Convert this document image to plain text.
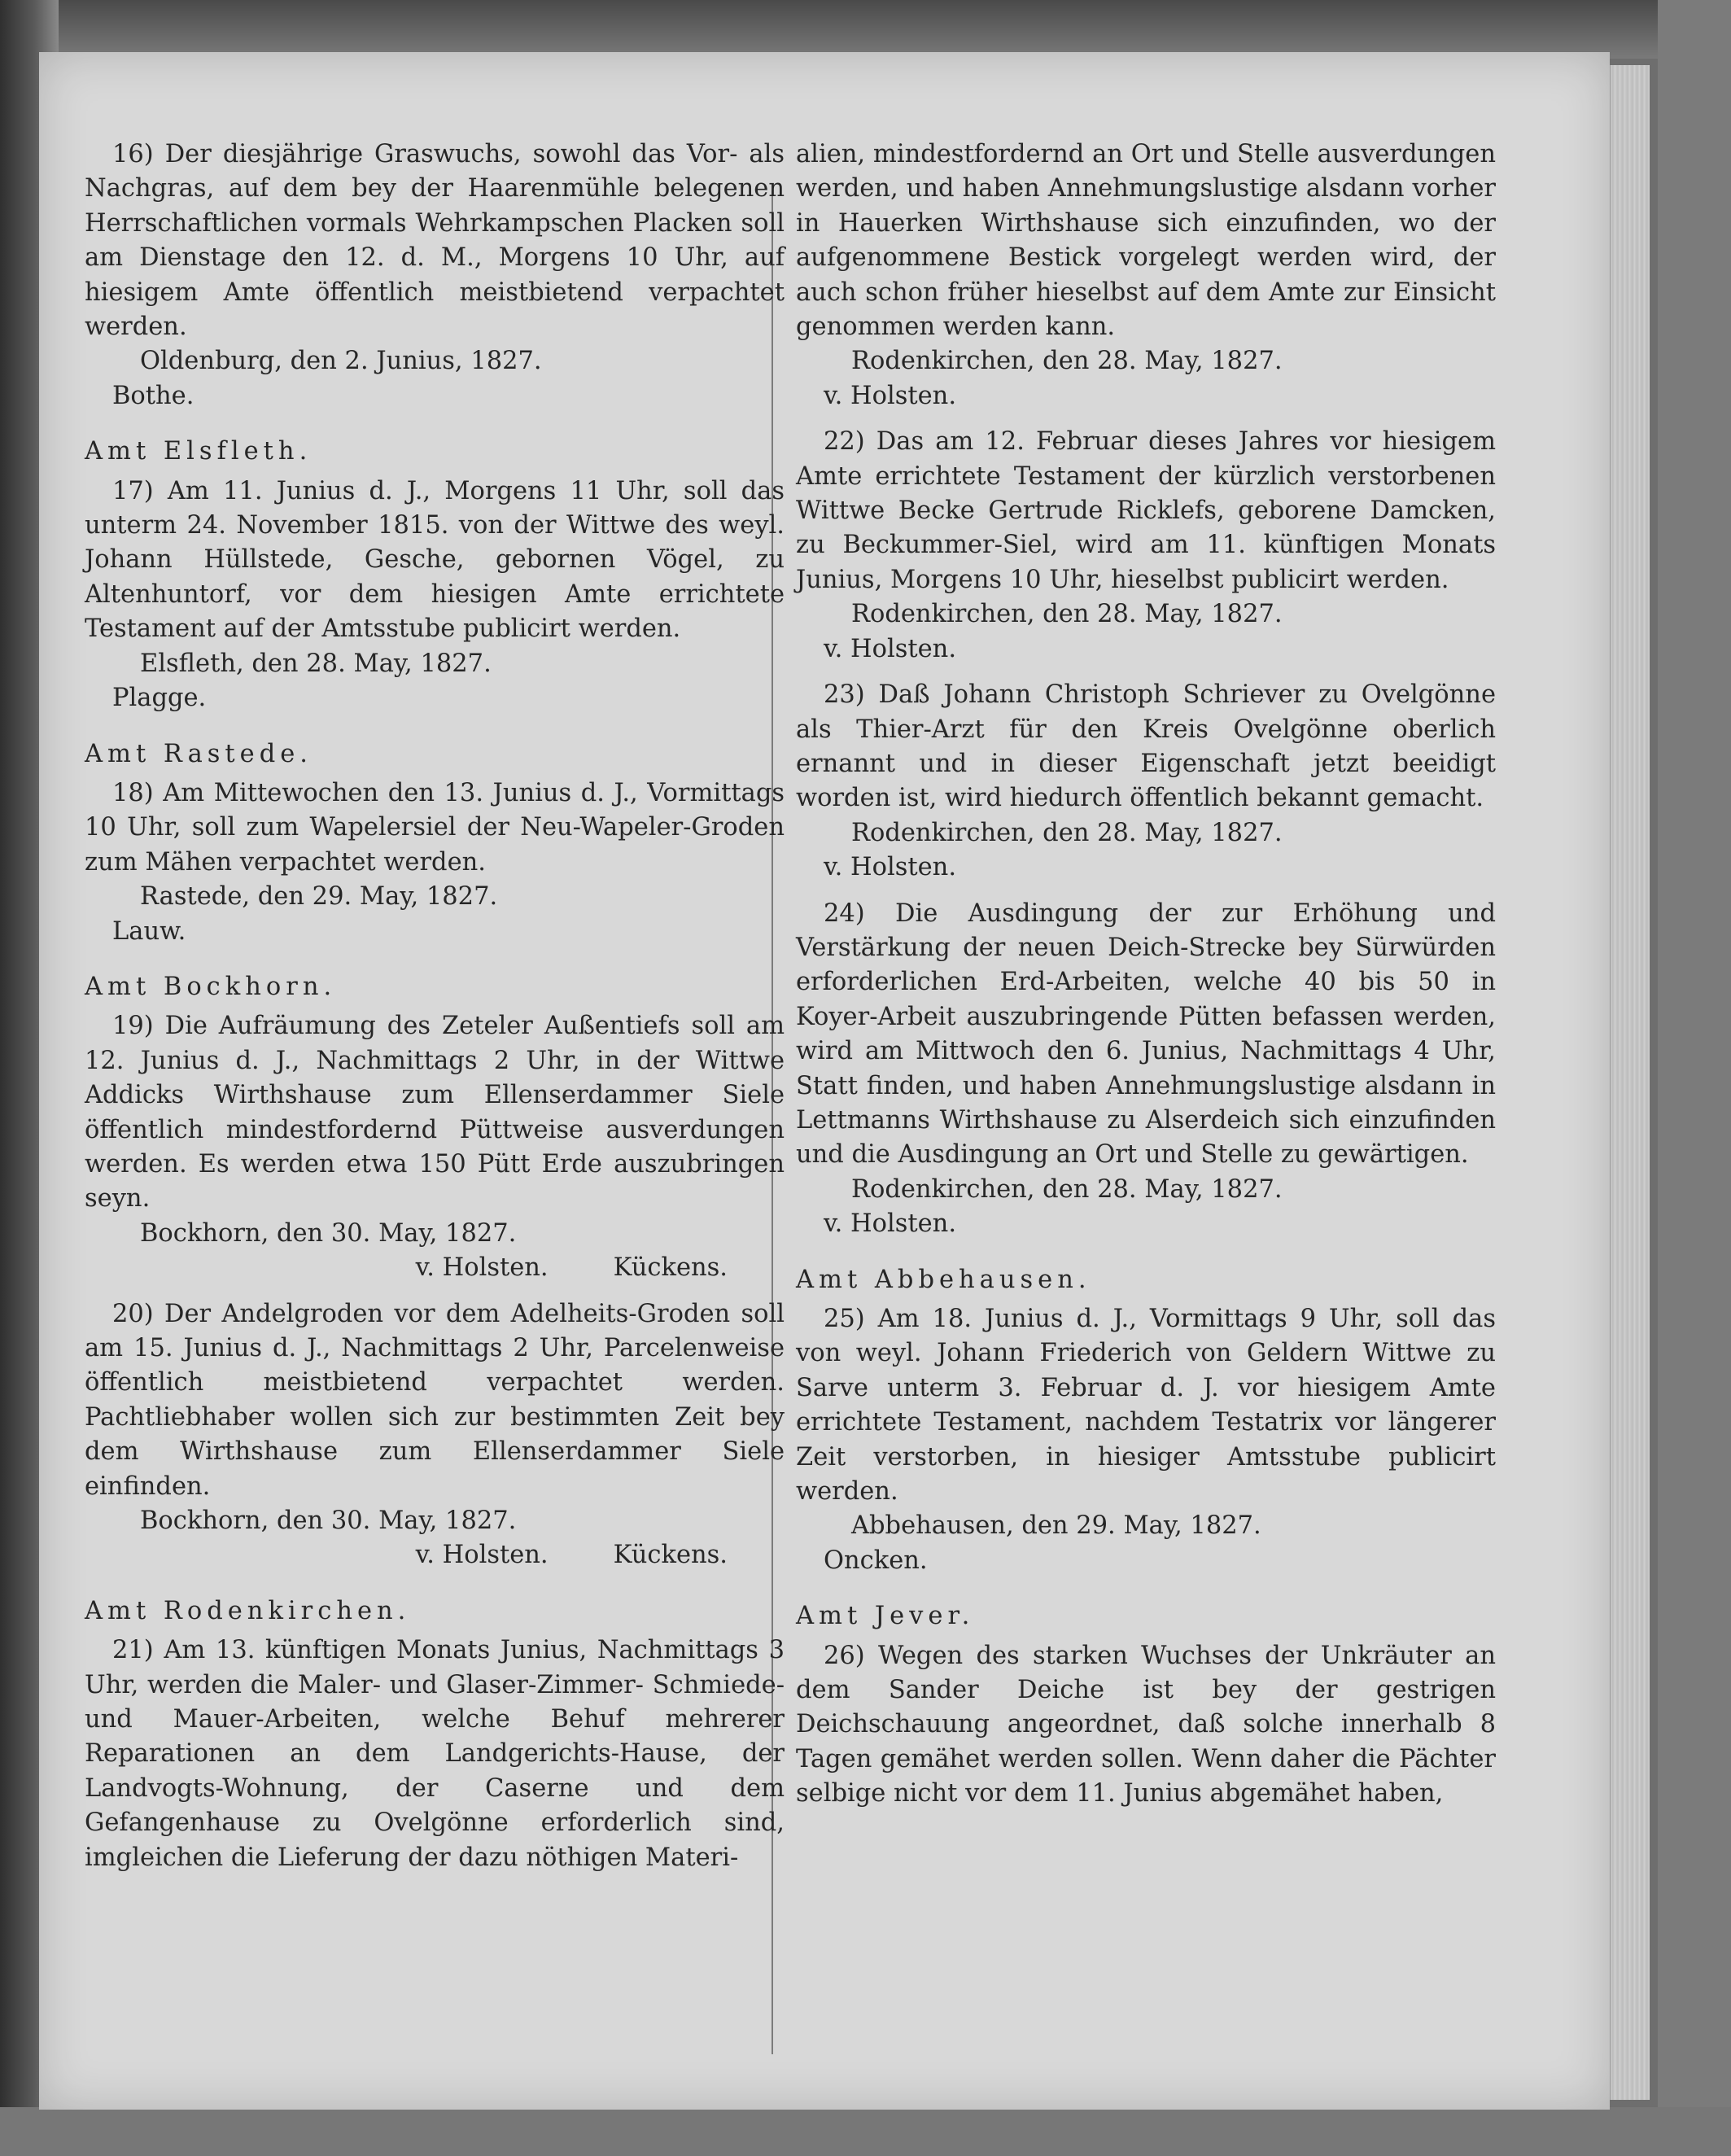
16) Der diesjährige Graswuchs, sowohl das Vor- als Nachgras, auf dem bey der Haarenmühle belegenen Herrschaftlichen vormals Wehrkampschen Placken soll am Dienstage den 12. d. M., Morgens 10 Uhr, auf hiesigem Amte öffentlich meistbietend verpachtet werden.

Oldenburg, den 2. Junius, 1827.

Bothe.

Amt Elsfleth.

17) Am 11. Junius d. J., Morgens 11 Uhr, soll das unterm 24. November 1815. von der Wittwe des weyl. Johann Hüllstede, Gesche, gebornen Vögel, zu Altenhuntorf, vor dem hiesigen Amte errichtete Testament auf der Amtsstube publicirt werden.

Elsfleth, den 28. May, 1827.

Plagge.

Amt Rastede.

18) Am Mittewochen den 13. Junius d. J., Vormittags 10 Uhr, soll zum Wapelersiel der Neu-Wapeler-Groden zum Mähen verpachtet werden.

Rastede, den 29. May, 1827.

Lauw.

Amt Bockhorn.

19) Die Aufräumung des Zeteler Außentiefs soll am 12. Junius d. J., Nachmittags 2 Uhr, in der Wittwe Addicks Wirthshause zum Ellenserdammer Siele öffentlich mindestfordernd Püttweise ausverdungen werden. Es werden etwa 150 Pütt Erde auszubringen seyn.

Bockhorn, den 30. May, 1827.

v. Holsten.	Kückens.

20) Der Andelgroden vor dem Adelheits-Groden soll am 15. Junius d. J., Nachmittags 2 Uhr, Parcelenweise öffentlich meistbietend verpachtet werden. Pachtliebhaber wollen sich zur bestimmten Zeit bey dem Wirthshause zum Ellenserdammer Siele einfinden.

Bockhorn, den 30. May, 1827.

v. Holsten.	Kückens.
Amt Rodenkirchen.

21) Am 13. künftigen Monats Junius, Nachmittags 3 Uhr, werden die Maler- und Glaser-Zimmer- Schmiede- und Mauer-Arbeiten, welche Behuf mehrerer Reparationen an dem Landgerichts-Hause, der Landvogts-Wohnung, der Caserne und dem Gefangenhause zu Ovelgönne erforderlich sind, imgleichen die Lieferung der dazu nöthigen Materi-

alien, mindestfordernd an Ort und Stelle ausverdungen werden, und haben Annehmungslustige alsdann vorher in Hauerken Wirthshause sich einzufinden, wo der aufgenommene Bestick vorgelegt werden wird, der auch schon früher hieselbst auf dem Amte zur Einsicht genommen werden kann.

Rodenkirchen, den 28. May, 1827.

v. Holsten.

22) Das am 12. Februar dieses Jahres vor hiesigem Amte errichtete Testament der kürzlich verstorbenen Wittwe Becke Gertrude Ricklefs, geborene Damcken, zu Beckummer-Siel, wird am 11. künftigen Monats Junius, Morgens 10 Uhr, hieselbst publicirt werden.

Rodenkirchen, den 28. May, 1827.

v. Holsten.

23) Daß Johann Christoph Schriever zu Ovelgönne als Thier-Arzt für den Kreis Ovelgönne oberlich ernannt und in dieser Eigenschaft jetzt beeidigt worden ist, wird hiedurch öffentlich bekannt gemacht.

Rodenkirchen, den 28. May, 1827.

v. Holsten.

24) Die Ausdingung der zur Erhöhung und Verstärkung der neuen Deich-Strecke bey Sürwürden erforderlichen Erd-Arbeiten, welche 40 bis 50 in Koyer-Arbeit auszubringende Pütten befassen werden, wird am Mittwoch den 6. Junius, Nachmittags 4 Uhr, Statt finden, und haben Annehmungslustige alsdann in Lettmanns Wirthshause zu Alserdeich sich einzufinden und die Ausdingung an Ort und Stelle zu gewärtigen.

Rodenkirchen, den 28. May, 1827.

v. Holsten.

Amt Abbehausen.

25) Am 18. Junius d. J., Vormittags 9 Uhr, soll das von weyl. Johann Friederich von Geldern Wittwe zu Sarve unterm 3. Februar d. J. vor hiesigem Amte errichtete Testament, nachdem Testatrix vor längerer Zeit verstorben, in hiesiger Amtsstube publicirt werden.

Abbehausen, den 29. May, 1827.

Oncken.

Amt Jever.

26) Wegen des starken Wuchses der Unkräuter an dem Sander Deiche ist bey der gestrigen Deichschauung angeordnet, daß solche innerhalb 8 Tagen gemähet werden sollen. Wenn daher die Pächter selbige nicht vor dem 11. Junius abgemähet haben,
